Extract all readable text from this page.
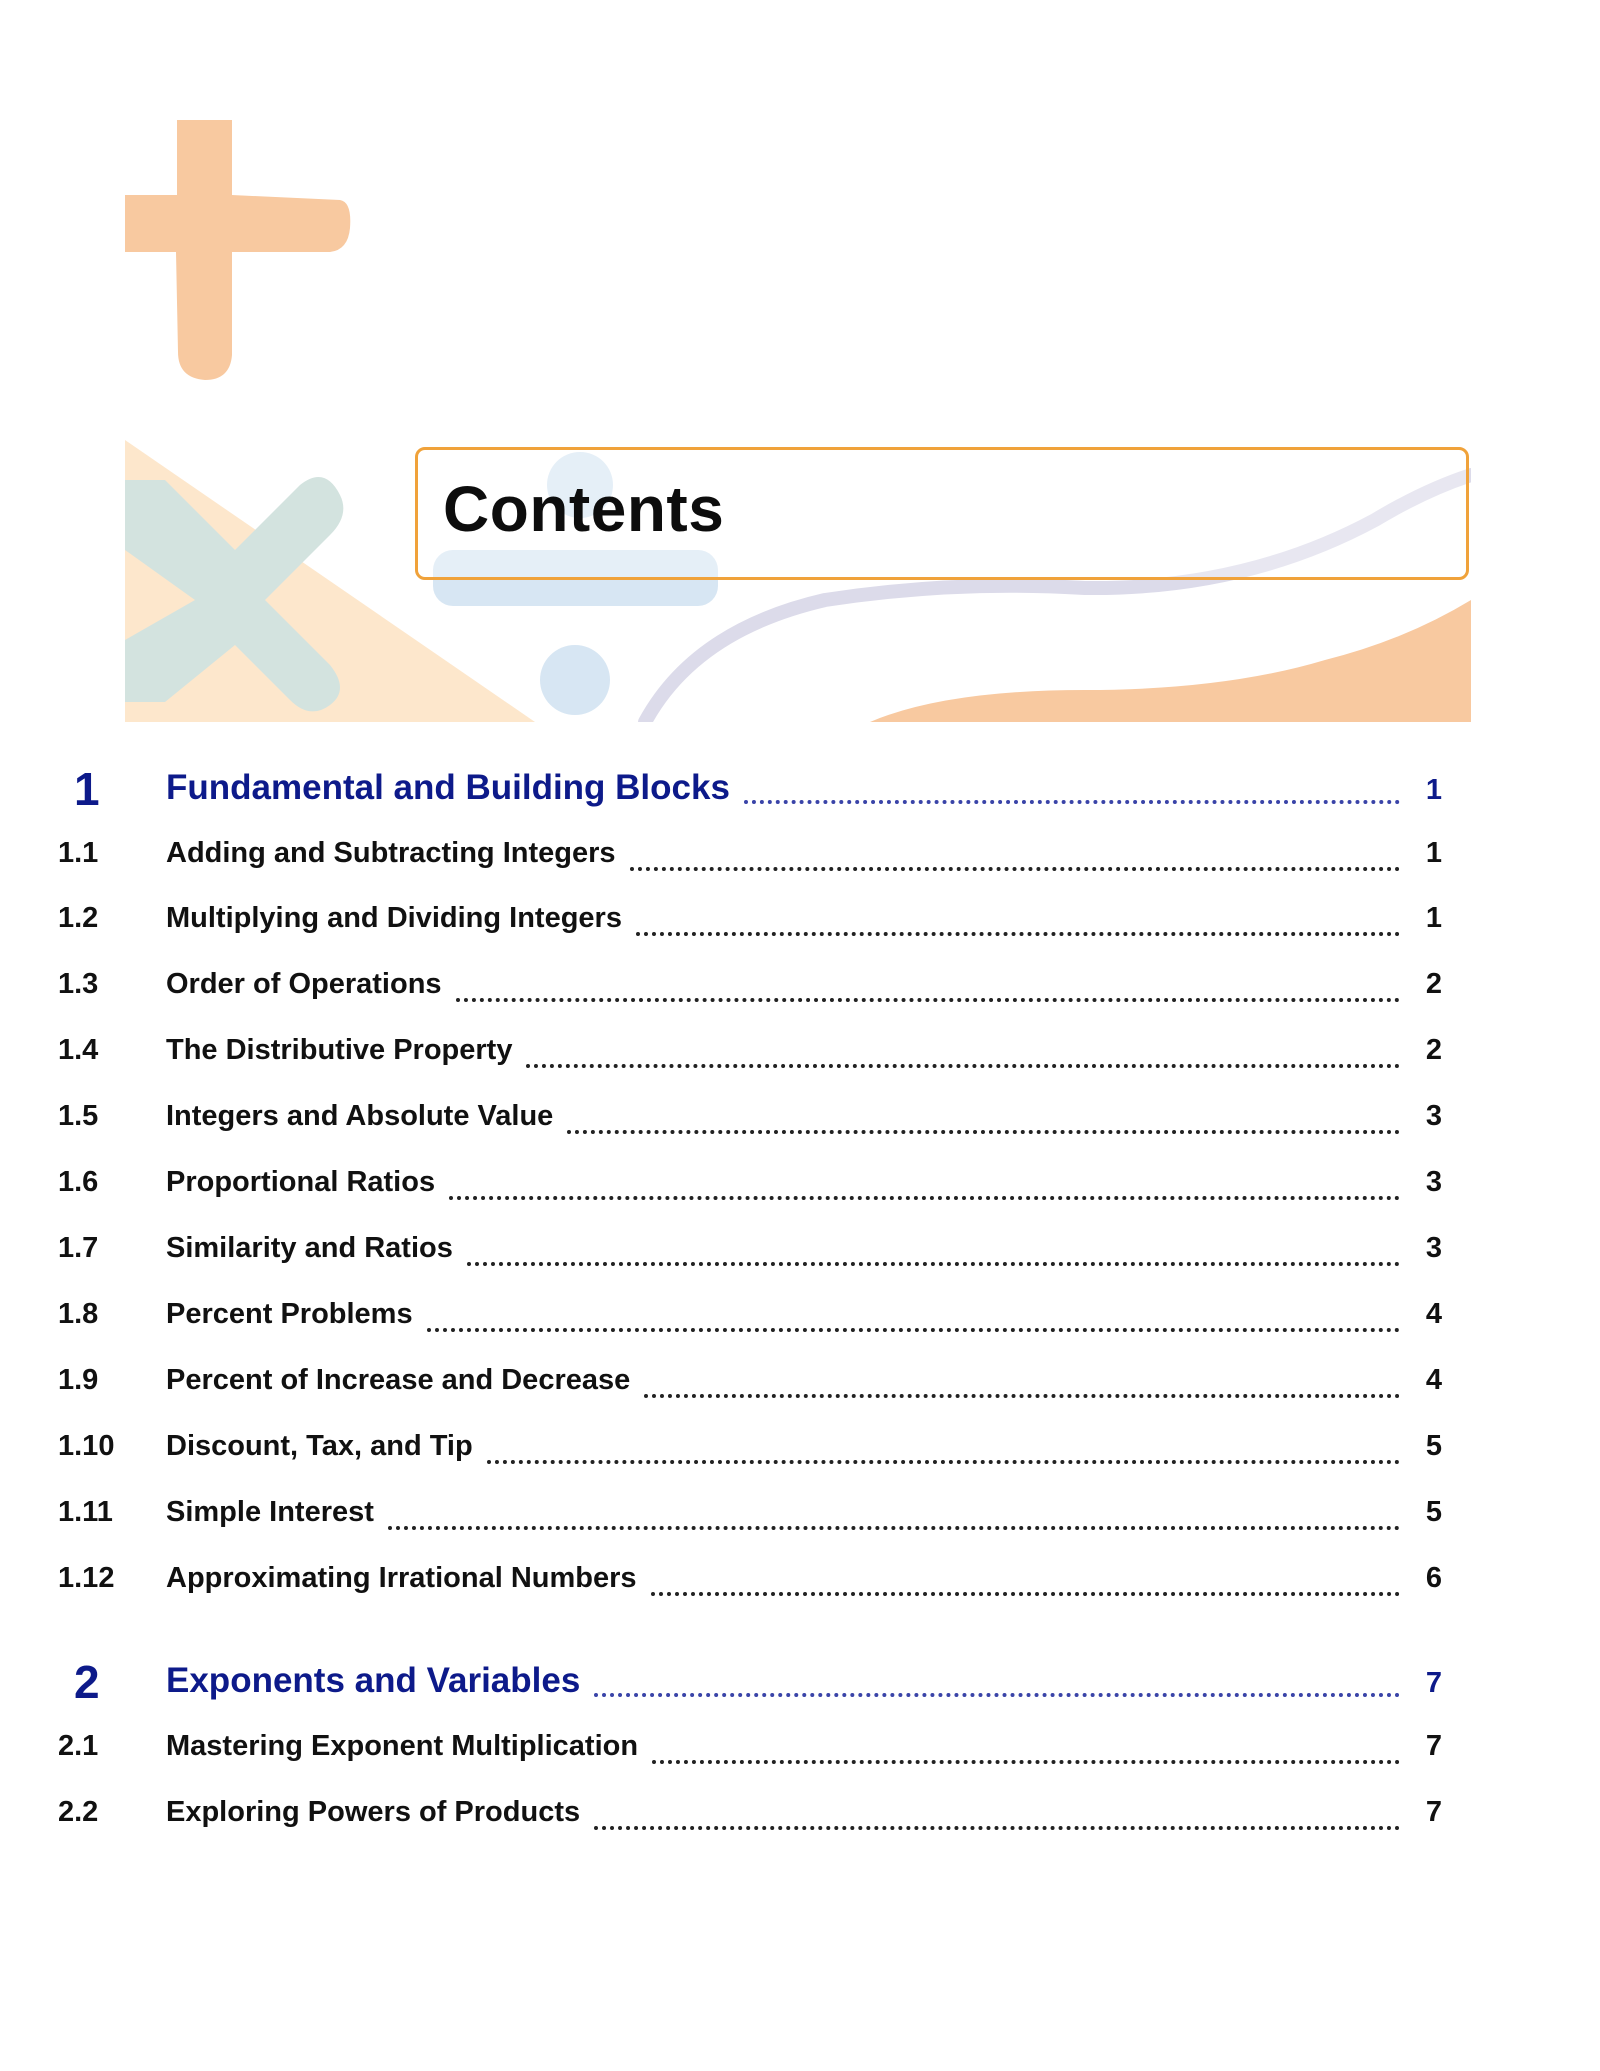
Contents
1 Fundamental and Building Blocks	1
1.1 Adding and Subtracting Integers	1
1.2 Multiplying and Dividing Integers	1
1.3 Order of Operations	2
1.4 The Distributive Property	2
1.5 Integers and Absolute Value	3
1.6 Proportional Ratios	3
1.7 Similarity and Ratios	3
1.8 Percent Problems	4
1.9 Percent of Increase and Decrease	4
1.10 Discount, Tax, and Tip	5
1.11 Simple Interest	5
1.12 Approximating Irrational Numbers	6
2 Exponents and Variables	7
2.1 Mastering Exponent Multiplication	7
2.2 Exploring Powers of Products	7
